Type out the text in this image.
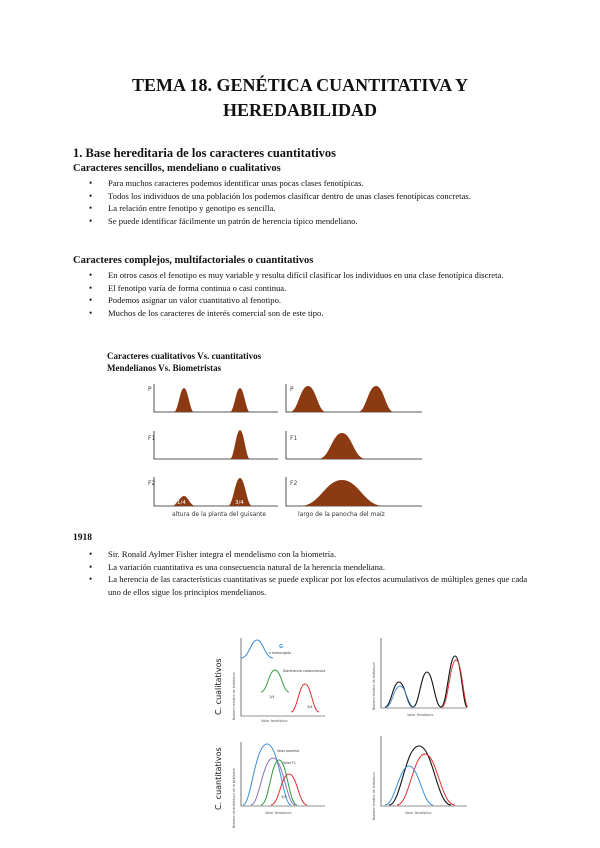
TEMA 18. GENÉTICA CUANTITATIVA Y
HEREDABILIDAD
1. Base hereditaria de los caracteres cuantitativos
Caracteres sencillos, mendeliano o cualitativos
• Para muchos caracteres podemos identificar unas pocas clases fenotípicas.
• Todos los individuos de una población los podemos clasificar dentro de unas clases fenotípicas concretas.
• La relación entre fenotipo y genotipo es sencilla.
• Se puede identificar fácilmente un patrón de herencia típico mendeliano.
Caracteres complejos, multifactoriales o cuantitativos
• En otros casos el fenotipo es muy variable y resulta difícil clasificar los individuos en una clase fenotípica discreta.
• El fenotipo varía de forma continua o casi continua.
• Podemos asignar un valor cuantitativo al fenotipo.
• Muchos de los caracteres de interés comercial son de este tipo.
Caracteres cualitativos Vs. cuantitativos
Mendelianos Vs. Biometristas
P
F1
F2
1/4	3/4
altura de la planta del guisante
P
F1
F2
largo de la panocha del maíz
1918
• Sir. Ronald Aylmer Fisher integra el mendelismo con la biometría.
• La variación cuantitativa es una consecuencia natural de la herencia mendeliana.
• La herencia de las características cuantitativas se puede explicar por los efectos acumulativos de múltiples genes que cada uno de ellos sigue los principios mendelianos.
C. cualitativos
C. cuantitativos
Número relativo de individuos
G
a homocigoto
Dominancia codominancia
1/4
3/4
Valor fenotípico
Número relativo de individuos
Valor fenotípico
Número de individuos de la población
Valor parental
Valor F1
3/4
Valor fenotípico	Número relativo de individuos	Valor fenotípico
